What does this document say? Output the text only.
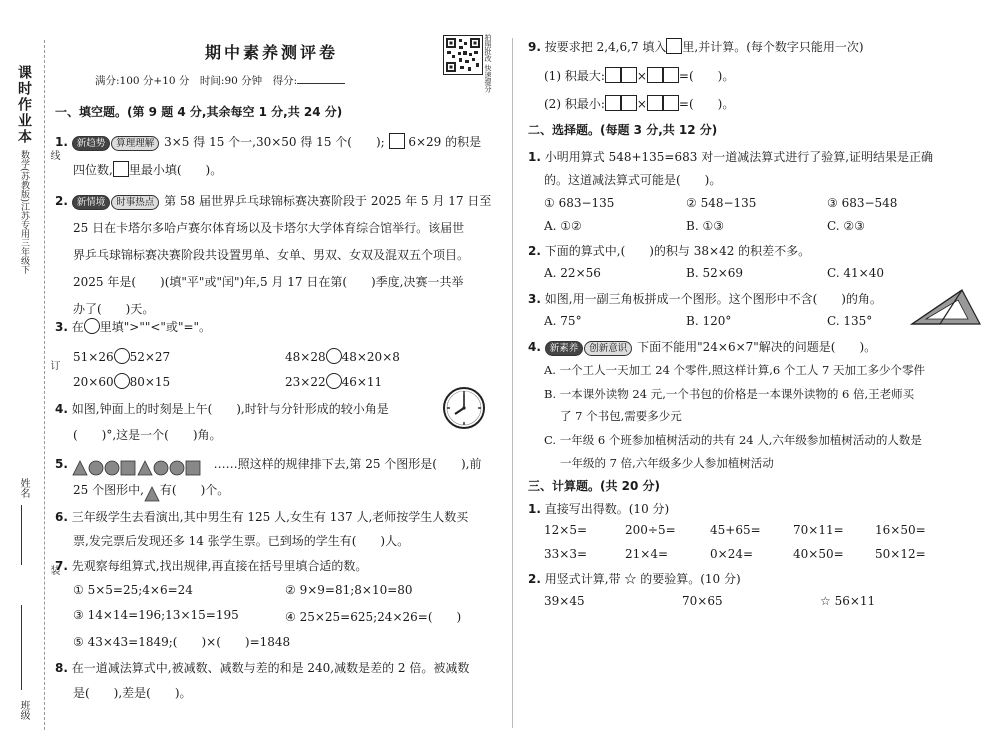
课时作业本
数学(苏教版)江苏专用三年级下 线
订
装
姓名
班级
期中素养测评卷
满分:100 分+10 分　时间:90 分钟　得分:	拍照批改 快速提分
一、填空题。(第 9 题 4 分,其余每空 1 分,共 24 分)
1. 新趋势 算理理解 3×5 得 15 个一,30×50 得 15 个(　　); 6×29 的积是
四位数, 里最小填(　　)。
2. 新情境 时事热点 第 58 届世界乒乓球锦标赛决赛阶段于 2025 年 5 月 17 日至
25 日在卡塔尔多哈卢赛尔体育场以及卡塔尔大学体育综合馆举行。该届世
界乒乓球锦标赛决赛阶段共设置男单、女单、男双、女双及混双五个项目。
2025 年是(　　)(填"平"或"闰")年,5 月 17 日在第(　　)季度,决赛一共举
办了(　　)天。
3. 在 里填">""<"或"="。
51×26 52×27	48×28 48×20×8
20×60 80×15	23×22 46×11
4. 如图,钟面上的时刻是上午(　　),时针与分针形成的较小角是
(　　)°,这是一个(　　)角。
5.	……照这样的规律排下去,第 25 个图形是(　　),前
25 个图形中, 有(　　)个。
6. 三年级学生去看演出,其中男生有 125 人,女生有 137 人,老师按学生人数买
票,发完票后发现还多 14 张学生票。已到场的学生有(　　)人。
7. 先观察每组算式,找出规律,再直接在括号里填合适的数。
① 5×5=25;4×6=24	② 9×9=81;8×10=80
③ 14×14=196;13×15=195	④ 25×25=625;24×26=(　　)
⑤ 43×43=1849;(　　)×(　　)=1848
8. 在一道减法算式中,被减数、减数与差的和是 240,减数是差的 2 倍。被减数
是(　　),差是(　　)。
9. 按要求把 2,4,6,7 填入 里,并计算。(每个数字只能用一次)
(1) 积最大:	×	=(　　)。
(2) 积最小:	×	=(　　)。
二、选择题。(每题 3 分,共 12 分)
1. 小明用算式 548+135=683 对一道减法算式进行了验算,证明结果是正确
的。这道减法算式可能是(　　)。
① 683−135	② 548−135	③ 683−548
A. ①②	B. ①③	C. ②③
2. 下面的算式中,(　　)的积与 38×42 的积差不多。
A. 22×56	B. 52×69	C. 41×40
3. 如图,用一副三角板拼成一个图形。这个图形中不含(　　)的角。
A. 75°	B. 120°	C. 135°
4. 新素养 创新意识 下面不能用"24×6×7"解决的问题是(　　)。
A. 一个工人一天加工 24 个零件,照这样计算,6 个工人 7 天加工多少个零件
B. 一本课外读物 24 元,一个书包的价格是一本课外读物的 6 倍,王老师买
了 7 个书包,需要多少元
C. 一年级 6 个班参加植树活动的共有 24 人,六年级参加植树活动的人数是
一年级的 7 倍,六年级多少人参加植树活动
三、计算题。(共 20 分)
1. 直接写出得数。(10 分)
12×5=	200÷5=	45+65=	70×11=	16×50=
33×3=	21×4=	0×24=	40×50=	50×12=
2. 用竖式计算,带 ☆ 的要验算。(10 分)
39×45	70×65	☆ 56×11
